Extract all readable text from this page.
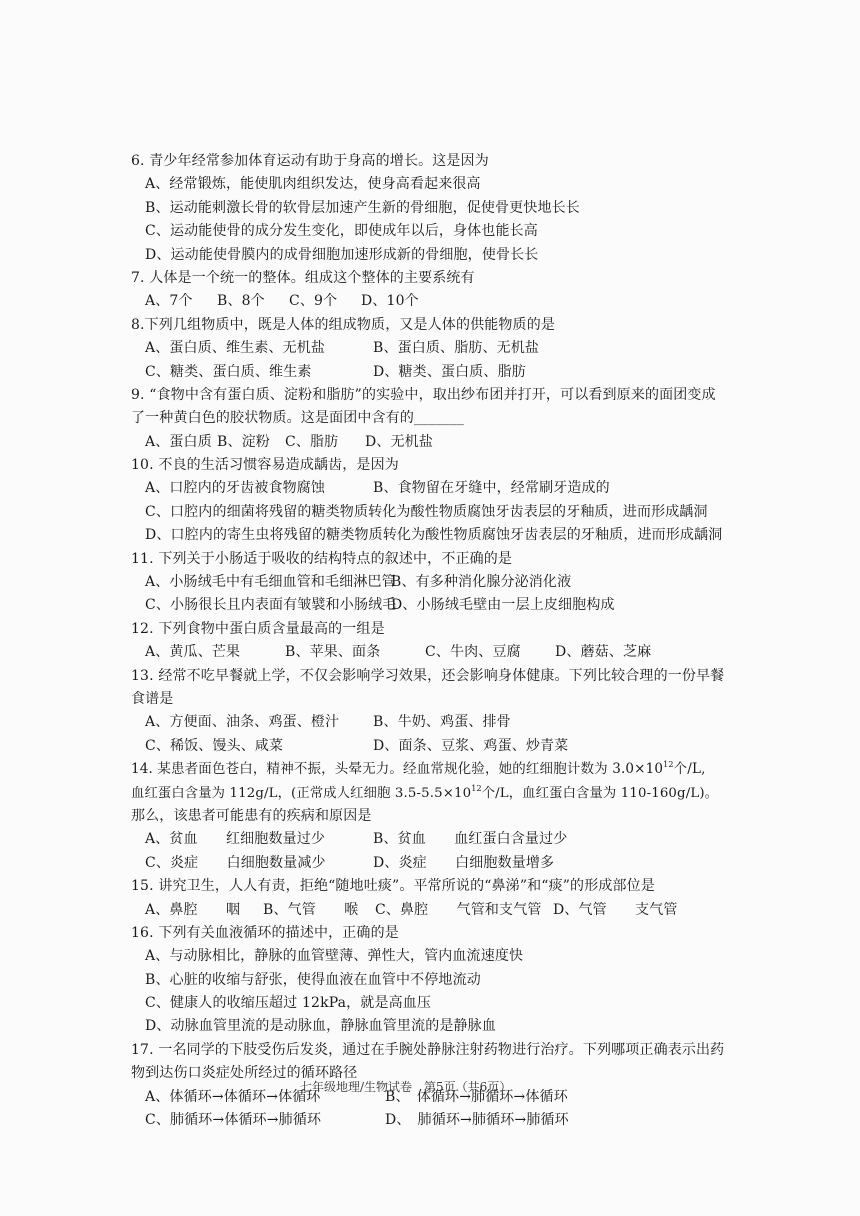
6. 青少年经常参加体育运动有助于身高的增长。这是因为
A、经常锻炼，能使肌肉组织发达，使身高看起来很高
B、运动能刺激长骨的软骨层加速产生新的骨细胞，促使骨更快地长长
C、运动能使骨的成分发生变化，即使成年以后，身体也能长高
D、运动能使骨膜内的成骨细胞加速形成新的骨细胞，使骨长长
7. 人体是一个统一的整体。组成这个整体的主要系统有
A、7个	B、8个	C、9个	D、10个
8.下列几组物质中，既是人体的组成物质，又是人体的供能物质的是
A、蛋白质、维生素、无机盐	B、蛋白质、脂肪、无机盐
C、糖类、蛋白质、维生素	D、糖类、蛋白质、脂肪
9. “食物中含有蛋白质、淀粉和脂肪”的实验中，取出纱布团并打开，可以看到原来的面团变成
了一种黄白色的胶状物质。这是面团中含有的_______
A、蛋白质 B、淀粉	C、脂肪	D、无机盐
10. 不良的生活习惯容易造成龋齿，是因为
A、口腔内的牙齿被食物腐蚀	B、食物留在牙缝中，经常刷牙造成的
C、口腔内的细菌将残留的糖类物质转化为酸性物质腐蚀牙齿表层的牙釉质，进而形成龋洞
D、口腔内的寄生虫将残留的糖类物质转化为酸性物质腐蚀牙齿表层的牙釉质，进而形成龋洞
11. 下列关于小肠适于吸收的结构特点的叙述中，不正确的是
A、小肠绒毛中有毛细血管和毛细淋巴管
B、有多种消化腺分泌消化液
C、小肠很长且内表面有皱襞和小肠绒毛
D、小肠绒毛壁由一层上皮细胞构成
12. 下列食物中蛋白质含量最高的一组是
A、黄瓜、芒果	B、苹果、面条	C、牛肉、豆腐	D、蘑菇、芝麻
13. 经常不吃早餐就上学，不仅会影响学习效果，还会影响身体健康。下列比较合理的一份早餐
食谱是
A、方便面、油条、鸡蛋、橙汁	B、牛奶、鸡蛋、排骨
C、稀饭、馒头、咸菜	D、面条、豆浆、鸡蛋、炒青菜
14. 某患者面色苍白，精神不振，头晕无力。经血常规化验，她的红细胞计数为 $3.0\times 10^{12}$个/L,
血红蛋白含量为 112g/L，(正常成人红细胞 $3.5-5.5\times 10^{12}$个/L，血红蛋白含量为 110-160g/L)。
那么，该患者可能患有的疾病和原因是
A、贫血　　红细胞数量过少	B、贫血　　血红蛋白含量过少
C、炎症　　白细胞数量减少	D、炎症　　白细胞数量增多
15. 讲究卫生，人人有责，拒绝“随地吐痰”。平常所说的“鼻涕”和“痰”的形成部位是
A、鼻腔　　咽	B、气管　　喉	C、鼻腔　　气管和支气管 D、气管　　支气管
16. 下列有关血液循环的描述中，正确的是
A、与动脉相比，静脉的血管壁薄、弹性大，管内血流速度快
B、心脏的收缩与舒张，使得血液在血管中不停地流动
C、健康人的收缩压超过 12kPa，就是高血压
D、动脉血管里流的是动脉血，静脉血管里流的是静脉血
17. 一名同学的下肢受伤后发炎，通过在手腕处静脉注射药物进行治疗。下列哪项正确表示出药
物到达伤口炎症处所经过的循环路径
A、体循环→体循环→体循环	B、　体循环→肺循环→体循环
C、肺循环→体循环→肺循环	D、　肺循环→肺循环→肺循环
七年级地理/生物试卷　第5页（共6页）
